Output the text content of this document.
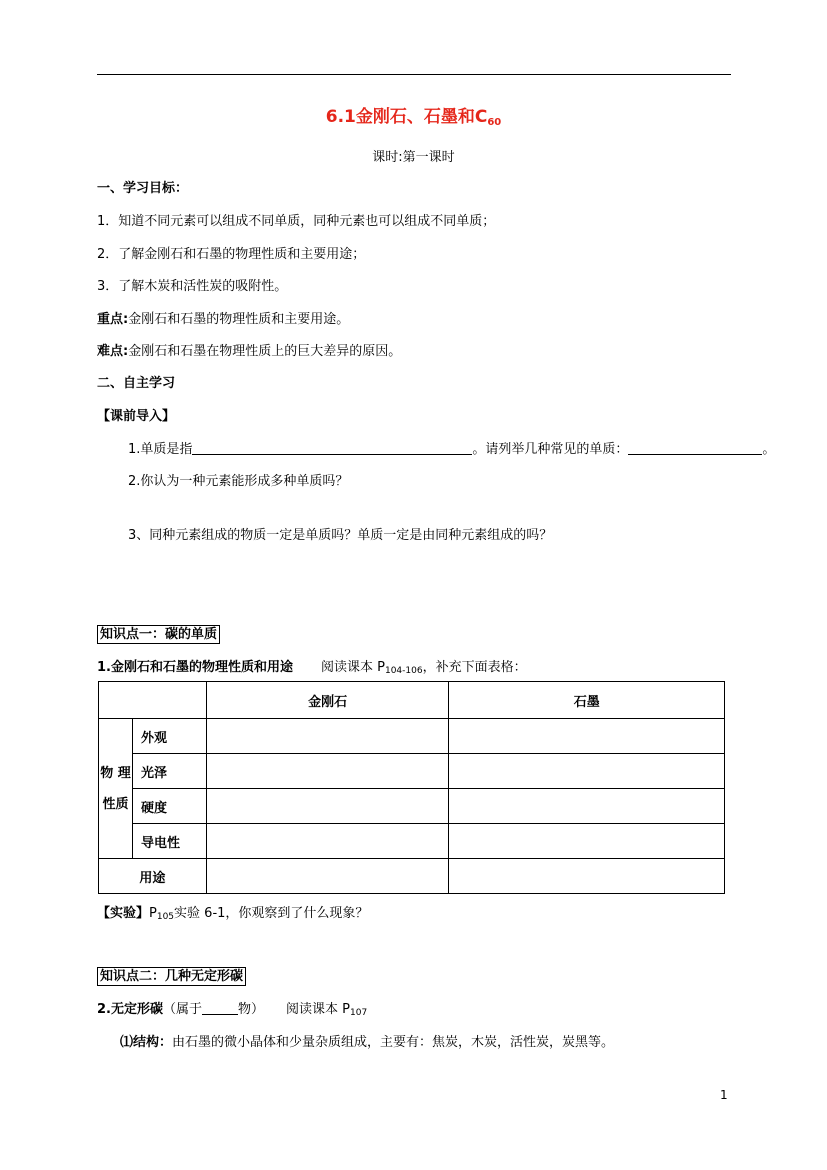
6.1金刚石、石墨和$C_{60}$
课时:第一课时
一、学习目标：
1．知道不同元素可以组成不同单质，同种元素也可以组成不同单质；
2．了解金刚石和石墨的物理性质和主要用途；
3．了解木炭和活性炭的吸附性。
重点:金刚石和石墨的物理性质和主要用途。
难点:金刚石和石墨在物理性质上的巨大差异的原因。
二、自主学习
【课前导入】
1.单质是指	。请列举几种常见的单质：	。
2.你认为一种元素能形成多种单质吗？
3、同种元素组成的物质一定是单质吗？单质一定是由同种元素组成的吗？
知识点一：碳的单质
1.金刚石和石墨的物理性质和用途 阅读课本 $P_{104-106}$，补充下面表格：
		金刚石	石墨
物 理性质	外观		
	光泽		
	硬度		
	导电性		
用途			
【实验】$P_{105}$实验 6-1，你观察到了什么现象？
知识点二：几种无定形碳
2.无定形碳（属于	物） 阅读课本 $P_{107}$
⑴结构：由石墨的微小晶体和少量杂质组成，主要有：焦炭，木炭，活性炭，炭黑等。
1
